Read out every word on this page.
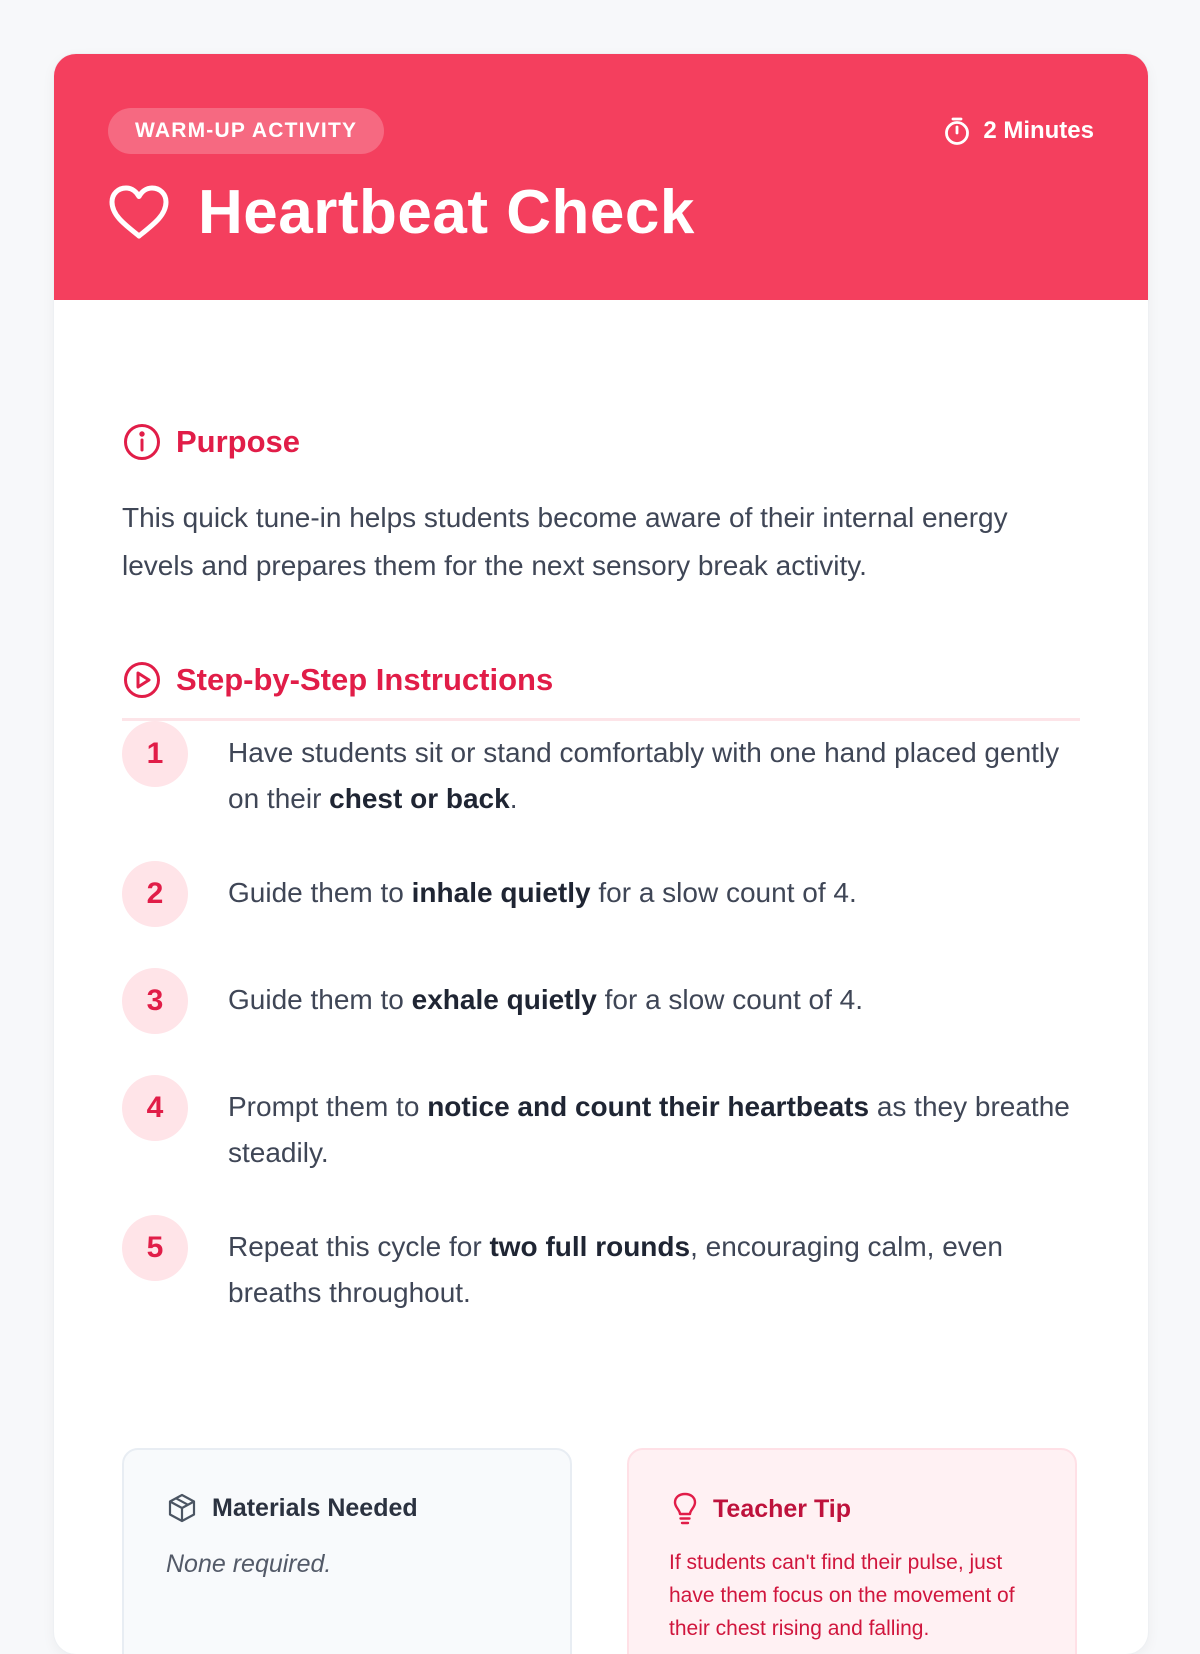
WARM-UP ACTIVITY	2 Minutes
Heartbeat Check
Purpose

This quick tune-in helps students become aware of their internal energy levels and prepares them for the next sensory break activity.

Step-by-Step Instructions
1	Have students sit or stand comfortably with one hand placed gently on their chest or back.
2	Guide them to inhale quietly for a slow count of 4.
3	Guide them to exhale quietly for a slow count of 4.
4	Prompt them to notice and count their heartbeats as they breathe steadily.
5	Repeat this cycle for two full rounds, encouraging calm, even breaths throughout.
Materials Needed
None required.
Teacher Tip
If students can't find their pulse, just have them focus on the movement of their chest rising and falling.
